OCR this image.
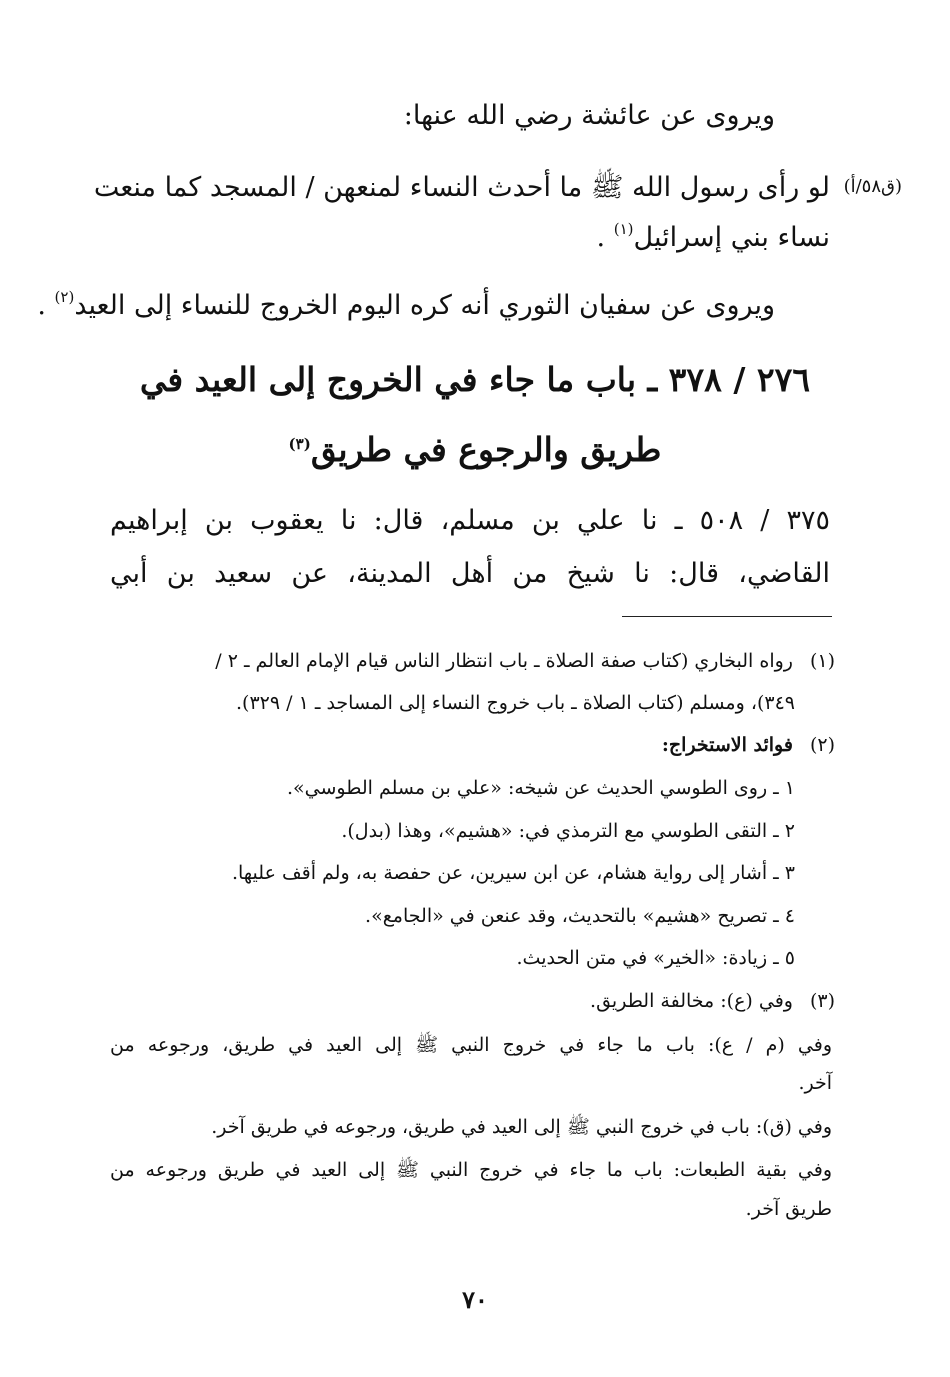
ويروى عن عائشة رضي الله عنها:
(ق٥٨/أ)
لو رأى رسول الله ﷺ ما أحدث النساء لمنعهن / المسجد كما منعت
نساء بني إسرائيل$^{(١)}$ .
ويروى عن سفيان الثوري أنه كره اليوم الخروج للنساء إلى العيد$^{(٢)}$ .
٢٧٦ / ٣٧٨ ـ باب ما جاء في الخروج إلى العيد في
طريق والرجوع في طريق$^{(٣)}$
٣٧٥ / ٥٠٨ ـ نا علي بن مسلم، قال: نا يعقوب بن إبراهيم
القاضي، قال: نا شيخ من أهل المدينة، عن سعيد بن أبي
(١) رواه البخاري (كتاب صفة الصلاة ـ باب انتظار الناس قيام الإمام العالم ـ ٢ /
٣٤٩)، ومسلم (كتاب الصلاة ـ باب خروج النساء إلى المساجد ـ ١ / ٣٢٩).
(٢) فوائد الاستخراج:
١ ـ روى الطوسي الحديث عن شيخه: «علي بن مسلم الطوسي».
٢ ـ التقى الطوسي مع الترمذي في: «هشيم»، وهذا (بدل).
٣ ـ أشار إلى رواية هشام، عن ابن سيرين، عن حفصة به، ولم أقف عليها.
٤ ـ تصريح «هشيم» بالتحديث، وقد عنعن في «الجامع».
٥ ـ زيادة: «الخير» في متن الحديث.
(٣) وفي (ع): مخالفة الطريق.
وفي (م / ع): باب ما جاء في خروج النبي ﷺ إلى العيد في طريق، ورجوعه من
آخر.
وفي (ق): باب في خروج النبي ﷺ إلى العيد في طريق، ورجوعه في طريق آخر.
وفي بقية الطبعات: باب ما جاء في خروج النبي ﷺ إلى العيد في طريق ورجوعه من
طريق آخر.
٧٠
